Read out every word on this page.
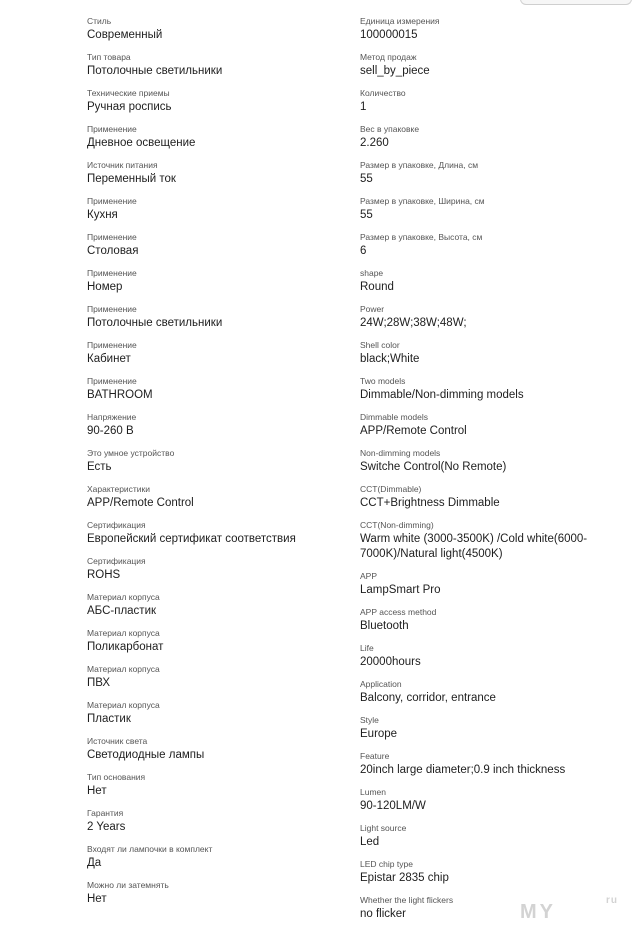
Стиль
Современный
Тип товара
Потолочные светильники
Технические приемы
Ручная роспись
Применение
Дневное освещение
Источник питания
Переменный ток
Применение
Кухня
Применение
Столовая
Применение
Номер
Применение
Потолочные светильники
Применение
Кабинет
Применение
BATHROOM
Напряжение
90-260 В
Это умное устройство
Есть
Характеристики
APP/Remote Control
Сертификация
Европейский сертификат соответствия
Сертификация
ROHS
Материал корпуса
АБС-пластик
Материал корпуса
Поликарбонат
Материал корпуса
ПВХ
Материал корпуса
Пластик
Источник света
Светодиодные лампы
Тип основания
Нет
Гарантия
2 Years
Входят ли лампочки в комплект
Да
Можно ли затемнять
Нет
Единица измерения
100000015
Метод продаж
sell_by_piece
Количество
1
Вес в упаковке
2.260
Размер в упаковке, Длина, см
55
Размер в упаковке, Ширина, см
55
Размер в упаковке, Высота, см
6
shape
Round
Power
24W;28W;38W;48W;
Shell color
black;White
Two models
Dimmable/Non-dimming models
Dimmable models
APP/Remote Control
Non-dimming models
Switche Control(No Remote)
CCT(Dimmable)
CCT+Brightness Dimmable
CCT(Non-dimming)
Warm white (3000-3500K) /Cold white(6000-7000K)/Natural light(4500K)
APP
LampSmart Pro
APP access method
Bluetooth
Life
20000hours
Application
Balcony, corridor, entrance
Style
Europe
Feature
20inch large diameter;0.9 inch thickness
Lumen
90-120LM/W
Light source
Led
LED chip type
Epistar 2835 chip
Whether the light flickers
no flicker	MY
ru
